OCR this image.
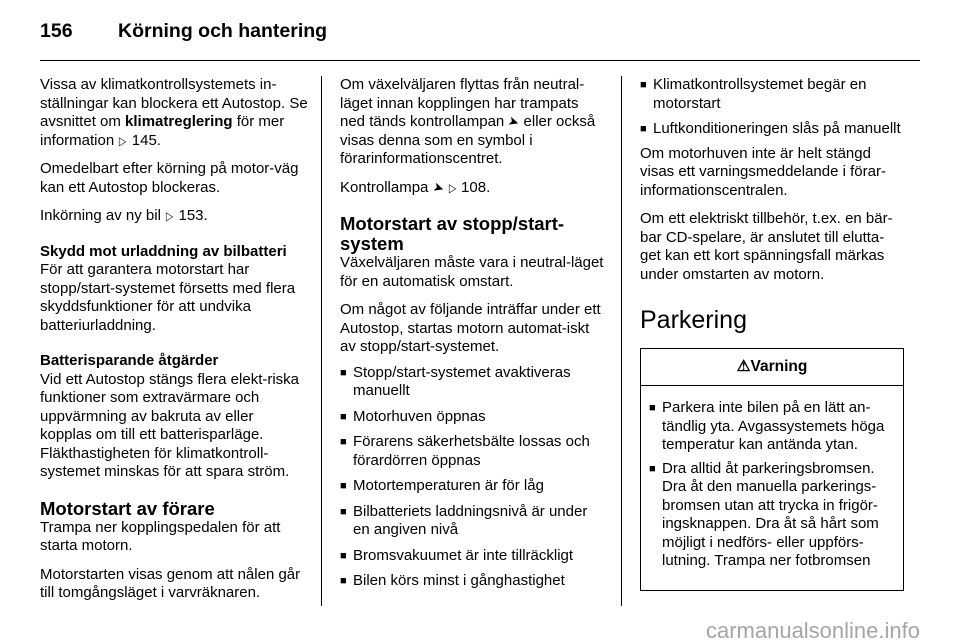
156 Körning och hantering

Vissa av klimatkontrollsystemets in-ställningar kan blockera ett Autostop. Se avsnittet om klimatreglering för mer information ▷ 145.

Omedelbart efter körning på motor-väg kan ett Autostop blockeras.

Inkörning av ny bil ▷ 153.

Skydd mot urladdning av bilbatteri

För att garantera motorstart har stopp/start-systemet försetts med flera skyddsfunktioner för att undvika batteriurladdning.

Batterisparande åtgärder

Vid ett Autostop stängs flera elekt-riska funktioner som extravärmare och uppvärmning av bakruta av eller kopplas om till ett batterisparläge. Fläkthastigheten för klimatkontroll-systemet minskas för att spara ström.

Motorstart av förare

Trampa ner kopplingspedalen för att starta motorn.

Motorstarten visas genom att nålen går till tomgångsläget i varvräknaren.

Om växelväljaren flyttas från neutral-läget innan kopplingen har trampats ned tänds kontrollampan ➤ eller också visas denna som en symbol i förarinformationscentret.

Kontrollampa ➤ ▷ 108.

Motorstart av stopp/start-system

Växelväljaren måste vara i neutral-läget för en automatisk omstart.

Om något av följande inträffar under ett Autostop, startas motorn automat-iskt av stopp/start-systemet.

■ Stopp/start-systemet avaktiveras manuellt
■ Motorhuven öppnas
■ Förarens säkerhetsbälte lossas och förardörren öppnas
■ Motortemperaturen är för låg
■ Bilbatteriets laddningsnivå är under en angiven nivå
■ Bromsvakuumet är inte tillräckligt
■ Bilen körs minst i gånghastighet
■ Klimatkontrollsystemet begär en motorstart
■ Luftkonditioneringen slås på manuellt

Om motorhuven inte är helt stängd visas ett varningsmeddelande i förar-informationscentralen.

Om ett elektriskt tillbehör, t.ex. en bär-bar CD-spelare, är anslutet till elutta-get kan ett kort spänningsfall märkas under omstarten av motorn.

Parkering

⚠Varning
■ Parkera inte bilen på en lätt an-tändlig yta. Avgassystemets höga temperatur kan antända ytan.
■ Dra alltid åt parkeringsbromsen. Dra åt den manuella parkerings-bromsen utan att trycka in frigör-ingsknappen. Dra åt så hårt som möjligt i nedförs- eller uppförs-lutning. Trampa ner fotbromsen
carmanualsonline.info
